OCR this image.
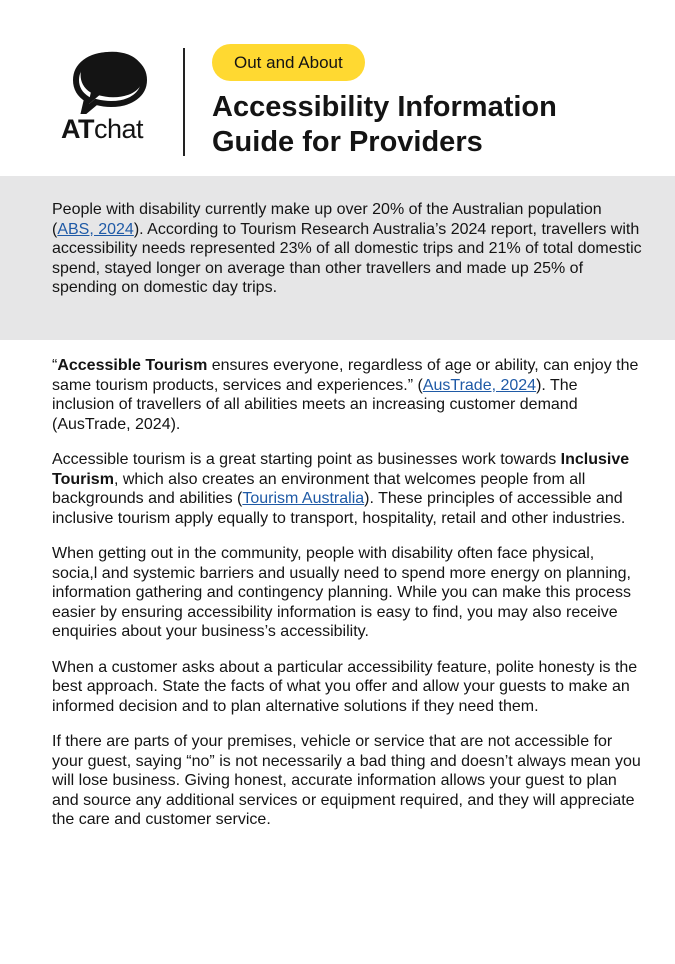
ATchat
Out and About
Accessibility Information
Guide for Providers

People with disability currently make up over 20% of the Australian population (ABS, 2024). According to Tourism Research Australia’s 2024 report, travellers with accessibility needs represented 23% of all domestic trips and 21% of total domestic spend, stayed longer on average than other travellers and made up 25% of spending on domestic day trips.

“Accessible Tourism ensures everyone, regardless of age or ability, can enjoy the same tourism products, services and experiences.” (AusTrade, 2024). The inclusion of travellers of all abilities meets an increasing customer demand (AusTrade, 2024).

Accessible tourism is a great starting point as businesses work towards Inclusive Tourism, which also creates an environment that welcomes people from all backgrounds and abilities (Tourism Australia). These principles of accessible and inclusive tourism apply equally to transport, hospitality, retail and other industries.

When getting out in the community, people with disability often face physical, socia,l and systemic barriers and usually need to spend more energy on planning, information gathering and contingency planning. While you can make this process easier by ensuring accessibility information is easy to find, you may also receive enquiries about your business’s accessibility.

When a customer asks about a particular accessibility feature, polite honesty is the best approach. State the facts of what you offer and allow your guests to make an informed decision and to plan alternative solutions if they need them.

If there are parts of your premises, vehicle or service that are not accessible for your guest, saying “no” is not necessarily a bad thing and doesn’t always mean you will lose business. Giving honest, accurate information allows your guest to plan and source any additional services or equipment required, and they will appreciate the care and customer service.
